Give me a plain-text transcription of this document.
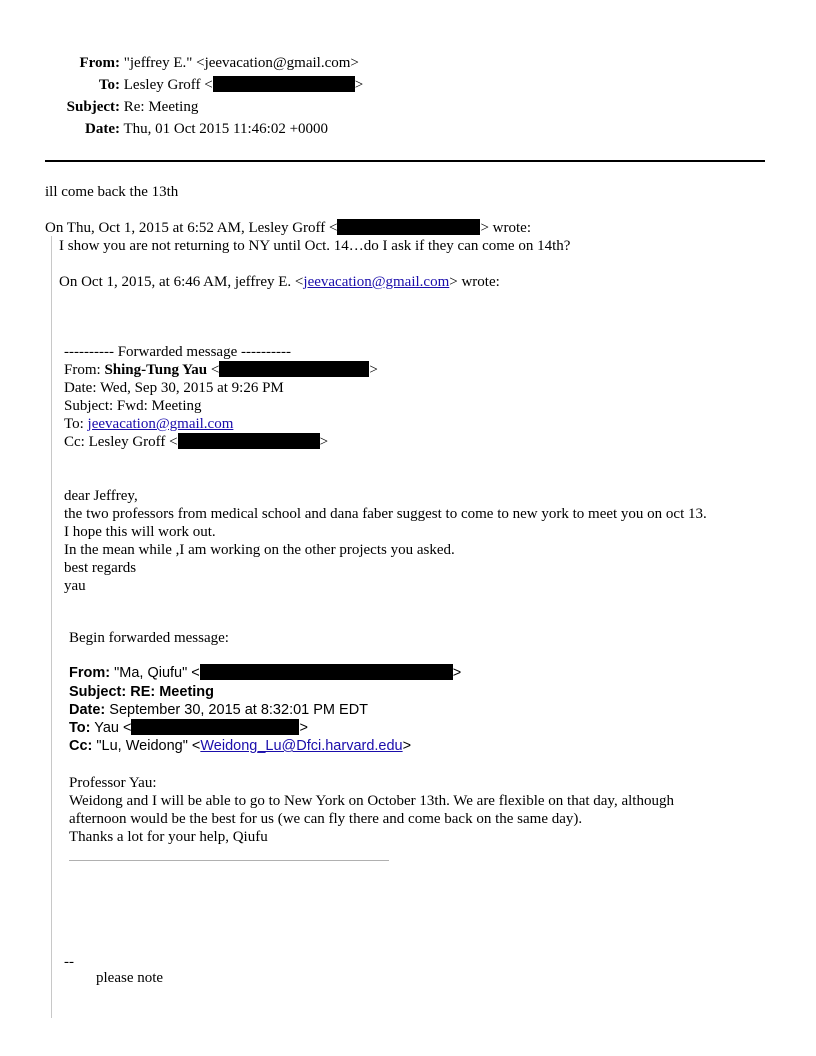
From: "jeffrey E." <jeevacation@gmail.com>
To: Lesley Groff <	>
Subject: Re: Meeting
Date: Thu, 01 Oct 2015 11:46:02 +0000
ill come back the 13th
On Thu, Oct 1, 2015 at 6:52 AM, Lesley Groff <	> wrote:
I show you are not returning to NY until Oct. 14…do I ask if they can come on 14th?
On Oct 1, 2015, at 6:46 AM, jeffrey E. <jeevacation@gmail.com> wrote:
---------- Forwarded message ----------
From: Shing-Tung Yau <	>
Date: Wed, Sep 30, 2015 at 9:26 PM
Subject: Fwd: Meeting
To: jeevacation@gmail.com
Cc: Lesley Groff <	>
dear Jeffrey,
the two professors from medical school and dana faber suggest to come to new york to meet you on oct 13.
I hope this will work out.
In the mean while ,I am working on the other projects you asked.
best regards
yau
Begin forwarded message:
From: "Ma, Qiufu" <	>
Subject: RE: Meeting
Date: September 30, 2015 at 8:32:01 PM EDT
To: Yau <	>
Cc: "Lu, Weidong" <Weidong_Lu@Dfci.harvard.edu>
Professor Yau:
Weidong and I will be able to go to New York on October 13th. We are flexible on that day, although
afternoon would be the best for us (we can fly there and come back on the same day).
Thanks a lot for your help, Qiufu
--
please note
